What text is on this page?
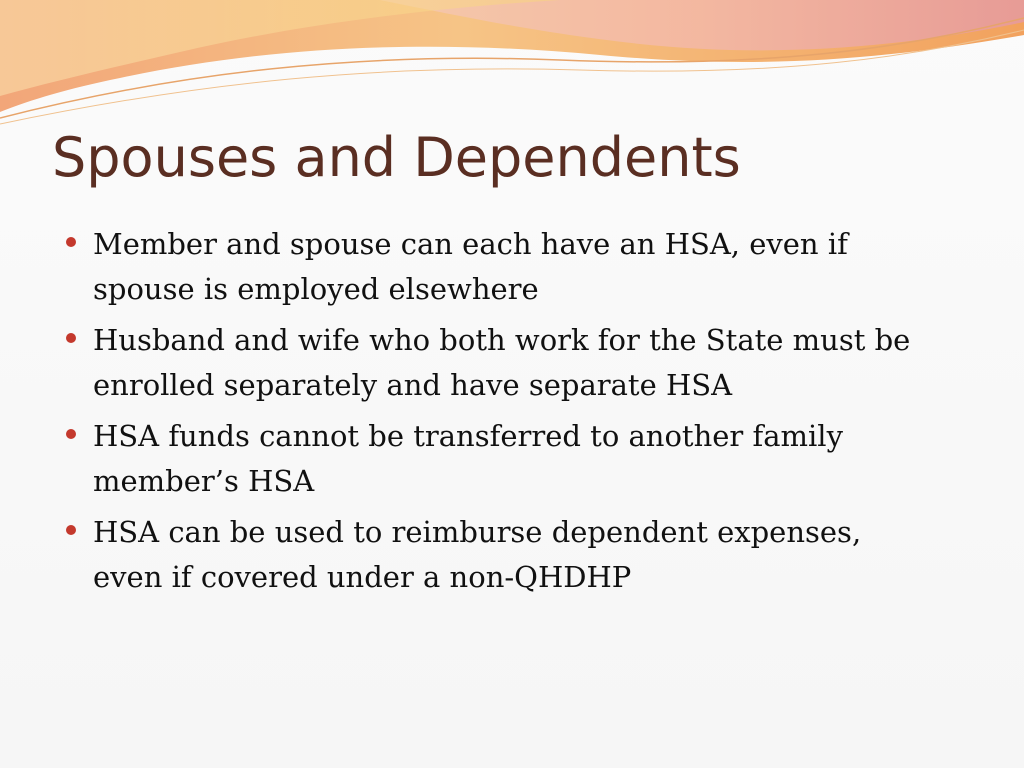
Spouses and Dependents
Member and spouse can each have an HSA, even if spouse is employed elsewhere
Husband and wife who both work for the State must be enrolled separately and have separate HSA
HSA funds cannot be transferred to another family member’s HSA
HSA can be used to reimburse dependent expenses, even if covered under a non-QHDHP
